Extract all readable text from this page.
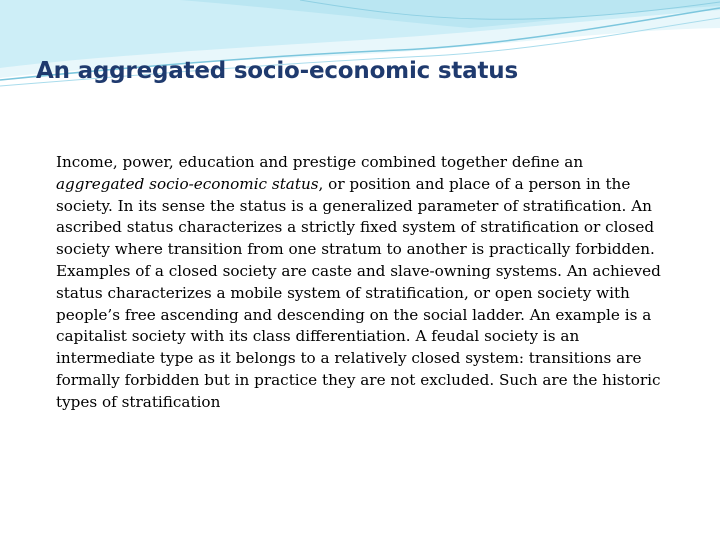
An aggregated socio-economic status

Income, power, education and prestige combined together define an aggregated socio-economic status, or position and place of a person in the society. In its sense the status is a generalized parameter of stratification. An ascribed status characterizes a strictly fixed system of stratification or closed society where transition from one stratum to another is practically forbidden. Examples of a closed society are caste and slave-owning systems. An achieved status characterizes a mobile system of stratification, or open society with people’s free ascending and descending on the social ladder. An example is a capitalist society with its class differentiation. A feudal society is an intermediate type as it belongs to a relatively closed system: transitions are formally forbidden but in practice they are not excluded. Such are the historic types of stratification
